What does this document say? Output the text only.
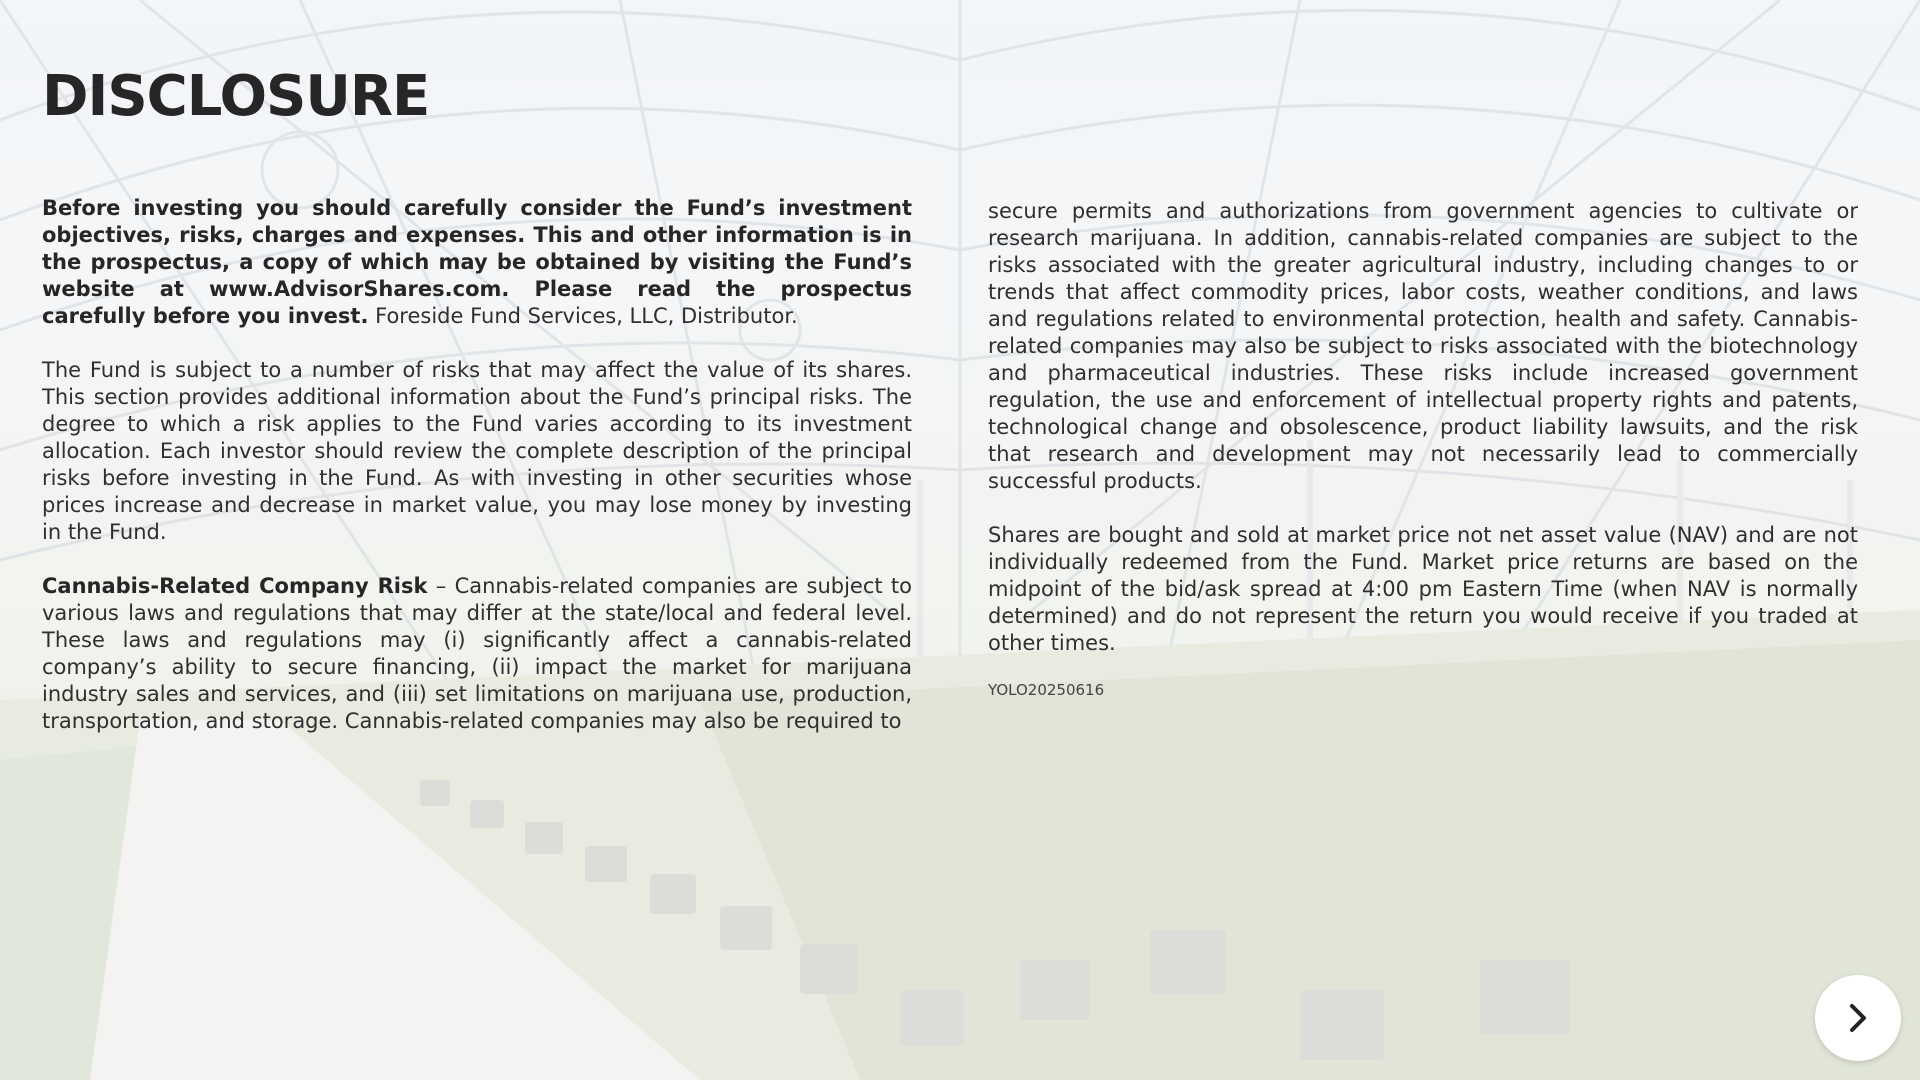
DISCLOSURE

Before investing you should carefully consider the Fund’s investment objectives, risks, charges and expenses. This and other information is in the prospectus, a copy of which may be obtained by visiting the Fund’s website at www.AdvisorShares.com. Please read the prospectus carefully before you invest. Foreside Fund Services, LLC, Distributor.

The Fund is subject to a number of risks that may affect the value of its shares. This section provides additional information about the Fund’s principal risks. The degree to which a risk applies to the Fund varies according to its investment allocation. Each investor should review the complete description of the principal risks before investing in the Fund. As with investing in other securities whose prices increase and decrease in market value, you may lose money by investing in the Fund.

Cannabis-Related Company Risk – Cannabis-related companies are subject to various laws and regulations that may differ at the state/local and federal level. These laws and regulations may (i) significantly affect a cannabis-related company’s ability to secure financing, (ii) impact the market for marijuana industry sales and services, and (iii) set limitations on marijuana use, production, transportation, and storage. Cannabis-related companies may also be required to

secure permits and authorizations from government agencies to cultivate or research marijuana. In addition, cannabis-related companies are subject to the risks associated with the greater agricultural industry, including changes to or trends that affect commodity prices, labor costs, weather conditions, and laws and regulations related to environmental protection, health and safety. Cannabis-related companies may also be subject to risks associated with the biotechnology and pharmaceutical industries. These risks include increased government regulation, the use and enforcement of intellectual property rights and patents, technological change and obsolescence, product liability lawsuits, and the risk that research and development may not necessarily lead to commercially successful products.

Shares are bought and sold at market price not net asset value (NAV) and are not individually redeemed from the Fund. Market price returns are based on the midpoint of the bid/ask spread at 4:00 pm Eastern Time (when NAV is normally determined) and do not represent the return you would receive if you traded at other times.

YOLO20250616
